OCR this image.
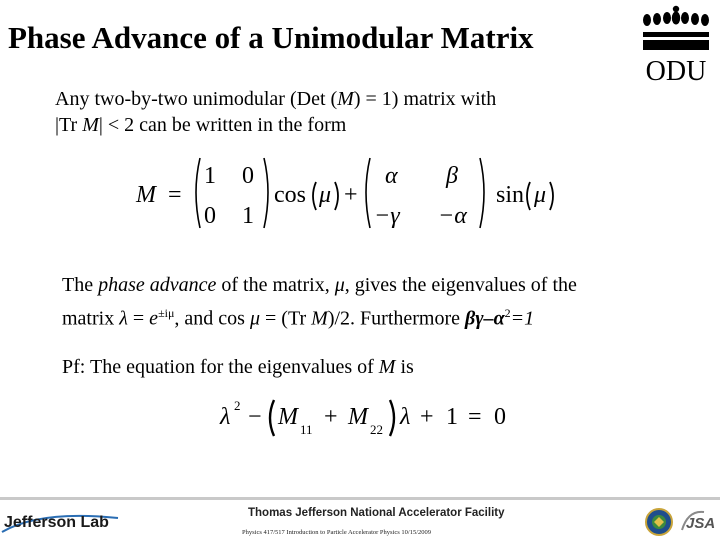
Phase Advance of a Unimodular Matrix
ODU
Any two-by-two unimodular (Det (M) = 1) matrix with
|Tr M| < 2 can be written in the form
M =
1 0
0 1
cos μ +
α β
−γ −α
sin μ
The phase advance of the matrix, μ, gives the eigenvalues of the
matrix $\lambda = e^{\pm i\mu}$, and cos μ = (Tr M)/2. Furthermore $\beta\gamma-\alpha^2=1$
Pf: The equation for the eigenvalues of M is
λ 2 − M 11 + M 22 λ + 1 = 0
Jefferson Lab
Thomas Jefferson National Accelerator Facility
Physics 417/517 Introduction to Particle Accelerator Physics 10/15/2009
JSA
